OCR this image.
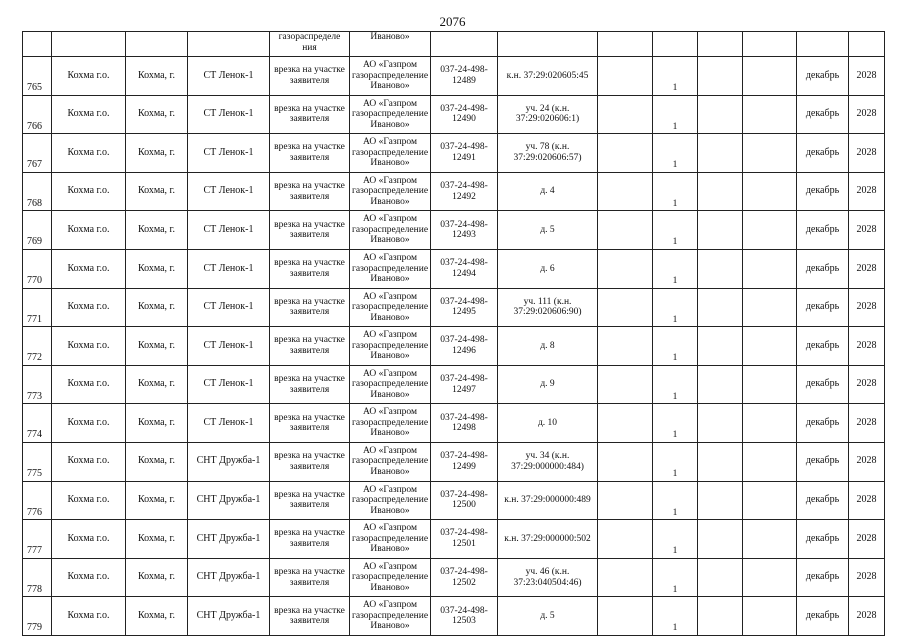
2076
				газораспределе ния	Иваново»								
765	Кохма г.о.	Кохма, г.	СТ Ленок-1	врезка на участке заявителя	АО «Газпром газораспределение Иваново»	037-24-498-12489	к.н. 37:29:020605:45		1			декабрь	2028
766	Кохма г.о.	Кохма, г.	СТ Ленок-1	врезка на участке заявителя	АО «Газпром газораспределение Иваново»	037-24-498-12490	уч. 24 (к.н. 37:29:020606:1)		1			декабрь	2028
767	Кохма г.о.	Кохма, г.	СТ Ленок-1	врезка на участке заявителя	АО «Газпром газораспределение Иваново»	037-24-498-12491	уч. 78 (к.н. 37:29:020606:57)		1			декабрь	2028
768	Кохма г.о.	Кохма, г.	СТ Ленок-1	врезка на участке заявителя	АО «Газпром газораспределение Иваново»	037-24-498-12492	д. 4		1			декабрь	2028
769	Кохма г.о.	Кохма, г.	СТ Ленок-1	врезка на участке заявителя	АО «Газпром газораспределение Иваново»	037-24-498-12493	д. 5		1			декабрь	2028
770	Кохма г.о.	Кохма, г.	СТ Ленок-1	врезка на участке заявителя	АО «Газпром газораспределение Иваново»	037-24-498-12494	д. 6		1			декабрь	2028
771	Кохма г.о.	Кохма, г.	СТ Ленок-1	врезка на участке заявителя	АО «Газпром газораспределение Иваново»	037-24-498-12495	уч. 111 (к.н. 37:29:020606:90)		1			декабрь	2028
772	Кохма г.о.	Кохма, г.	СТ Ленок-1	врезка на участке заявителя	АО «Газпром газораспределение Иваново»	037-24-498-12496	д. 8		1			декабрь	2028
773	Кохма г.о.	Кохма, г.	СТ Ленок-1	врезка на участке заявителя	АО «Газпром газораспределение Иваново»	037-24-498-12497	д. 9		1			декабрь	2028
774	Кохма г.о.	Кохма, г.	СТ Ленок-1	врезка на участке заявителя	АО «Газпром газораспределение Иваново»	037-24-498-12498	д. 10		1			декабрь	2028
775	Кохма г.о.	Кохма, г.	СНТ Дружба-1	врезка на участке заявителя	АО «Газпром газораспределение Иваново»	037-24-498-12499	уч. 34 (к.н. 37:29:000000:484)		1			декабрь	2028
776	Кохма г.о.	Кохма, г.	СНТ Дружба-1	врезка на участке заявителя	АО «Газпром газораспределение Иваново»	037-24-498-12500	к.н. 37:29:000000:489		1			декабрь	2028
777	Кохма г.о.	Кохма, г.	СНТ Дружба-1	врезка на участке заявителя	АО «Газпром газораспределение Иваново»	037-24-498-12501	к.н. 37:29:000000:502		1			декабрь	2028
778	Кохма г.о.	Кохма, г.	СНТ Дружба-1	врезка на участке заявителя	АО «Газпром газораспределение Иваново»	037-24-498-12502	уч. 46 (к.н. 37:23:040504:46)		1			декабрь	2028
779	Кохма г.о.	Кохма, г.	СНТ Дружба-1	врезка на участке заявителя	АО «Газпром газораспределение Иваново»	037-24-498-12503	д. 5		1			декабрь	2028
